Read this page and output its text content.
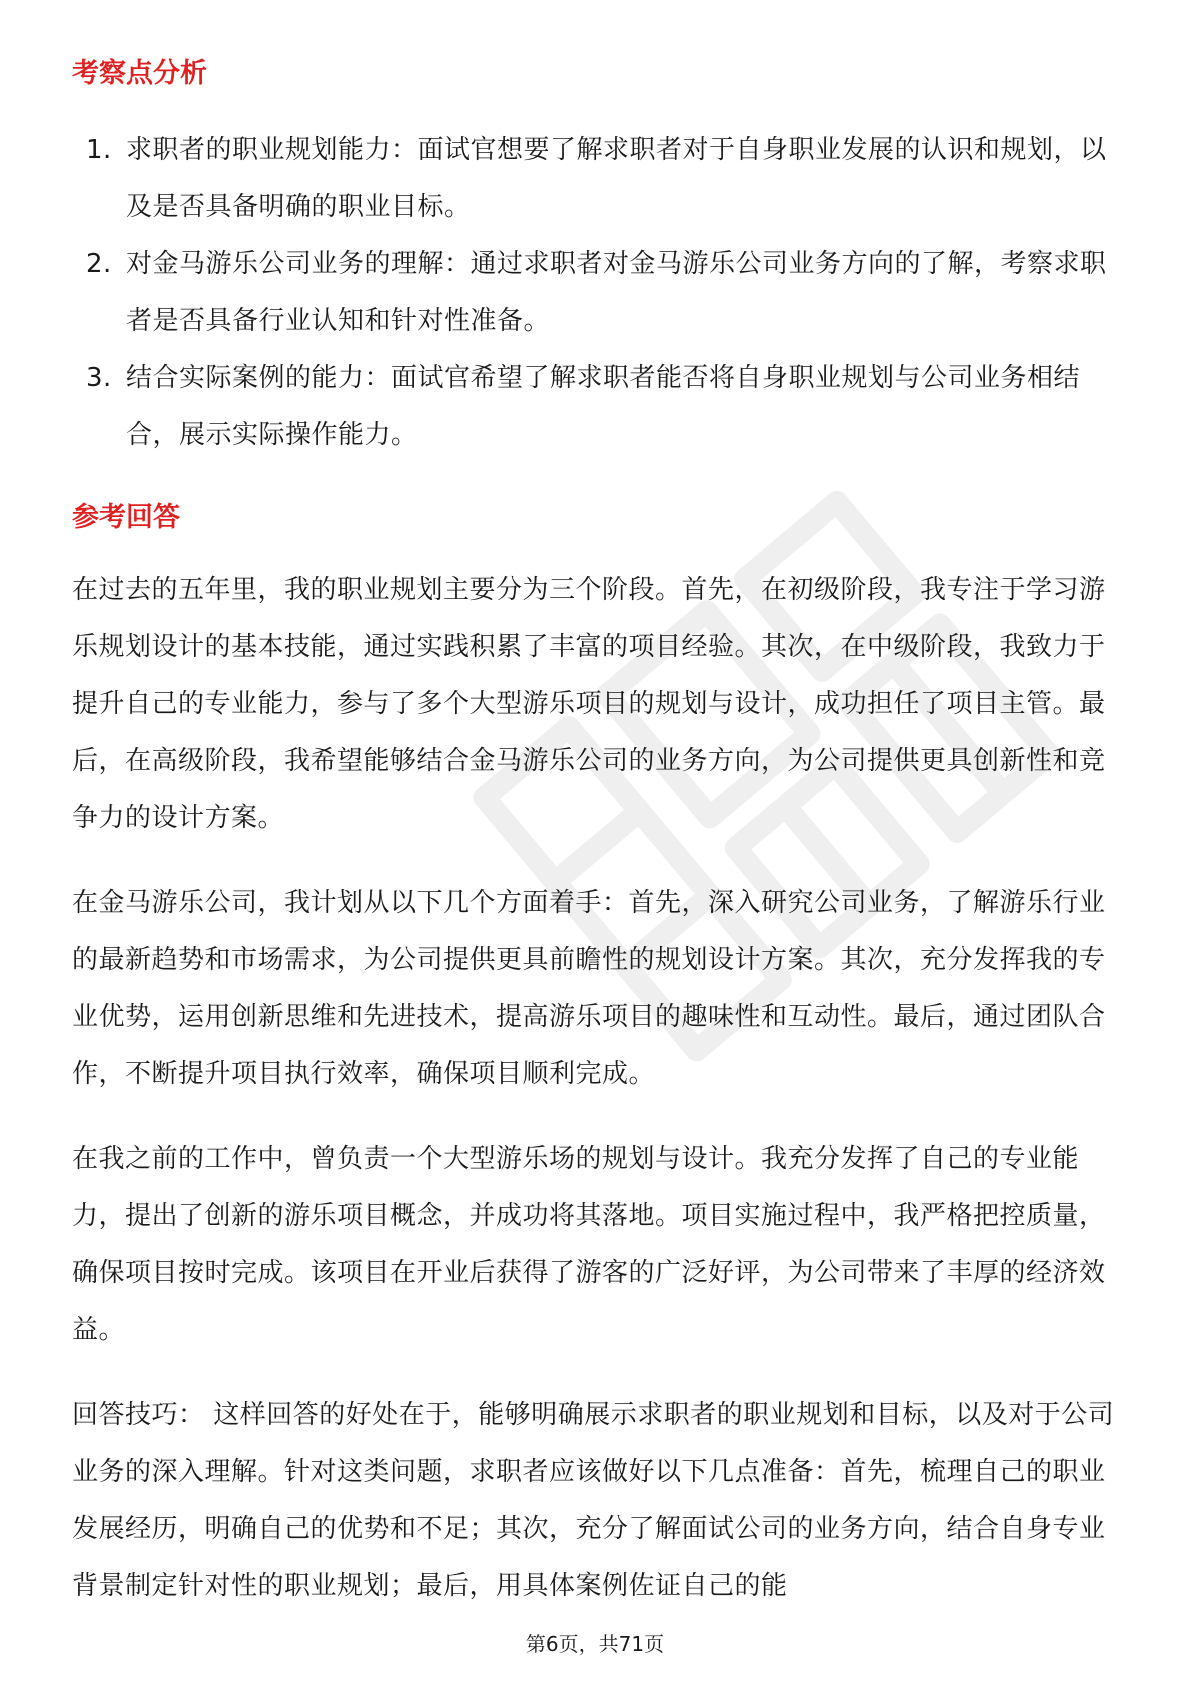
考察点分析
1. 求职者的职业规划能力：面试官想要了解求职者对于自身职业发展的认识和规划，以及是否具备明确的职业目标。
2. 对金马游乐公司业务的理解：通过求职者对金马游乐公司业务方向的了解，考察求职者是否具备行业认知和针对性准备。
3. 结合实际案例的能力：面试官希望了解求职者能否将自身职业规划与公司业务相结合，展示实际操作能力。
参考回答

在过去的五年里，我的职业规划主要分为三个阶段。首先，在初级阶段，我专注于学习游乐规划设计的基本技能，通过实践积累了丰富的项目经验。其次，在中级阶段，我致力于提升自己的专业能力，参与了多个大型游乐项目的规划与设计，成功担任了项目主管。最后，在高级阶段，我希望能够结合金马游乐公司的业务方向，为公司提供更具创新性和竞争力的设计方案。

在金马游乐公司，我计划从以下几个方面着手：首先，深入研究公司业务，了解游乐行业的最新趋势和市场需求，为公司提供更具前瞻性的规划设计方案。其次，充分发挥我的专业优势，运用创新思维和先进技术，提高游乐项目的趣味性和互动性。最后，通过团队合作，不断提升项目执行效率，确保项目顺利完成。

在我之前的工作中，曾负责一个大型游乐场的规划与设计。我充分发挥了自己的专业能力，提出了创新的游乐项目概念，并成功将其落地。项目实施过程中，我严格把控质量，确保项目按时完成。该项目在开业后获得了游客的广泛好评，为公司带来了丰厚的经济效益。

回答技巧： 这样回答的好处在于，能够明确展示求职者的职业规划和目标，以及对于公司业务的深入理解。针对这类问题，求职者应该做好以下几点准备：首先，梳理自己的职业发展经历，明确自己的优势和不足；其次，充分了解面试公司的业务方向，结合自身专业背景制定针对性的职业规划；最后，用具体案例佐证自己的能

第6页，共71页
